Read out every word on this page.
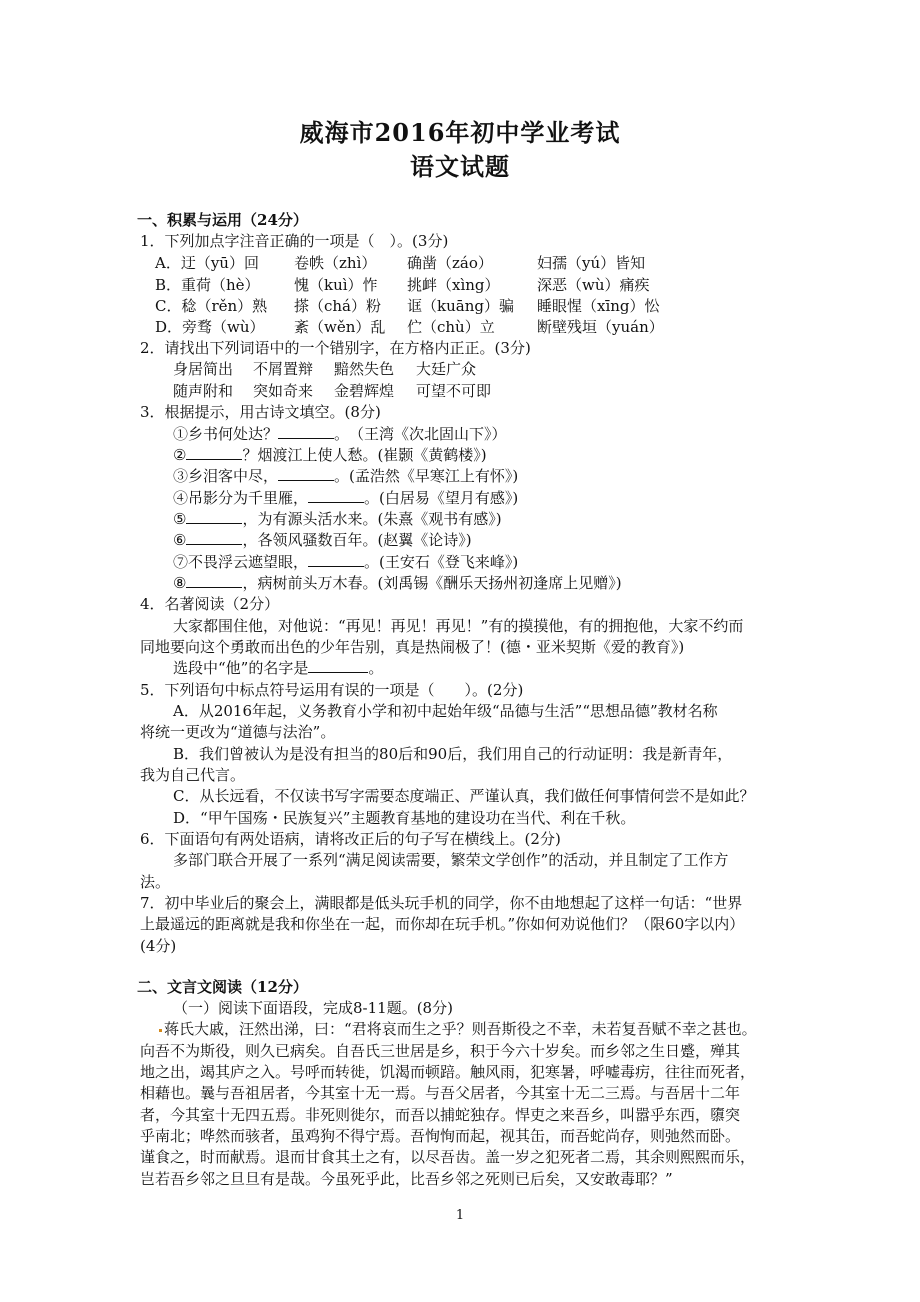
威海市2016年初中学业考试
语文试题
一、积累与运用（24分）
1．下列加点字注音正确的一项是（　）。(3分)
A．迂（yū）回 卷帙（zhì） 确凿（záo）	妇孺（yú）皆知
B．重荷（hè） 愧（kuì）怍 挑衅（xìng） 深恶（wù）痛疾
C．稔（rěn）熟 搽（chá）粉 诓（kuāng）骗 睡眼惺（xīng）忪
D．旁骛（wù） 紊（wěn）乱 伫（chù）立	断壁残垣（yuán）
2．请找出下列词语中的一个错别字，在方格内正正。(3分)
身居简出 不屑置辩 黯然失色 大廷广众
随声附和 突如奇来 金碧辉煌 可望不可即
3．根据提示，用古诗文填空。(8分)
①乡书何处达？	。　（王湾《次北固山下》）
②	？烟渡江上使人愁。(崔颢《黄鹤楼》)
③乡泪客中尽，	。(孟浩然《早寒江上有怀》)
④吊影分为千里雁，	。(白居易《望月有感》)
⑤	，为有源头活水来。(朱熹《观书有感》)
⑥	，各领风骚数百年。(赵翼《论诗》)
⑦不畏浮云遮望眼，	。(王安石《登飞来峰》)
⑧	，病树前头万木春。(刘禹锡《酬乐天扬州初逢席上见赠》)
4．名著阅读（2分）
大家都围住他，对他说：“再见！再见！再见！”有的摸摸他，有的拥抱他，大家不约而
同地要向这个勇敢而出色的少年告别，真是热闹极了！(德・亚米契斯《爱的教育》)
选段中“他”的名字是	。
5．下列语句中标点符号运用有误的一项是（　　）。(2分)
A．从2016年起，义务教育小学和初中起始年级“品德与生活”“思想品德”教材名称
将统一更改为“道德与法治”。
B．我们曾被认为是没有担当的80后和90后，我们用自己的行动证明：我是新青年，
我为自己代言。
C．从长远看，不仅读书写字需要态度端正、严谨认真，我们做任何事情何尝不是如此？
D．“甲午国殇・民族复兴”主题教育基地的建设功在当代、利在千秋。
6．下面语句有两处语病，请将改正后的句子写在横线上。(2分)
多部门联合开展了一系列“满足阅读需要，繁荣文学创作”的活动，并且制定了工作方
法。
7．初中毕业后的聚会上，满眼都是低头玩手机的同学，你不由地想起了这样一句话：“世界
上最遥远的距离就是我和你坐在一起，而你却在玩手机。”你如何劝说他们？（限60字以内）
(4分)
二、文言文阅读（12分）
（一）阅读下面语段，完成8-11题。(8分)
蒋氏大戚，汪然出涕，曰：“君将哀而生之乎？则吾斯役之不幸，未若复吾赋不幸之甚也。
向吾不为斯役，则久已病矣。自吾氏三世居是乡，积于今六十岁矣。而乡邻之生日蹙，殚其
地之出，竭其庐之入。号呼而转徙，饥渴而顿踣。触风雨，犯寒暑，呼嘘毒疠，往往而死者，
相藉也。曩与吾祖居者，今其室十无一焉。与吾父居者，今其室十无二三焉。与吾居十二年
者，今其室十无四五焉。非死则徙尔，而吾以捕蛇独存。悍吏之来吾乡，叫嚣乎东西，隳突
乎南北；哗然而骇者，虽鸡狗不得宁焉。吾恂恂而起，视其缶，而吾蛇尚存，则弛然而卧。
谨食之，时而献焉。退而甘食其土之有，以尽吾齿。盖一岁之犯死者二焉，其余则熙熙而乐，
岂若吾乡邻之旦旦有是哉。今虽死乎此，比吾乡邻之死则已后矣，又安敢毒耶？”
1
